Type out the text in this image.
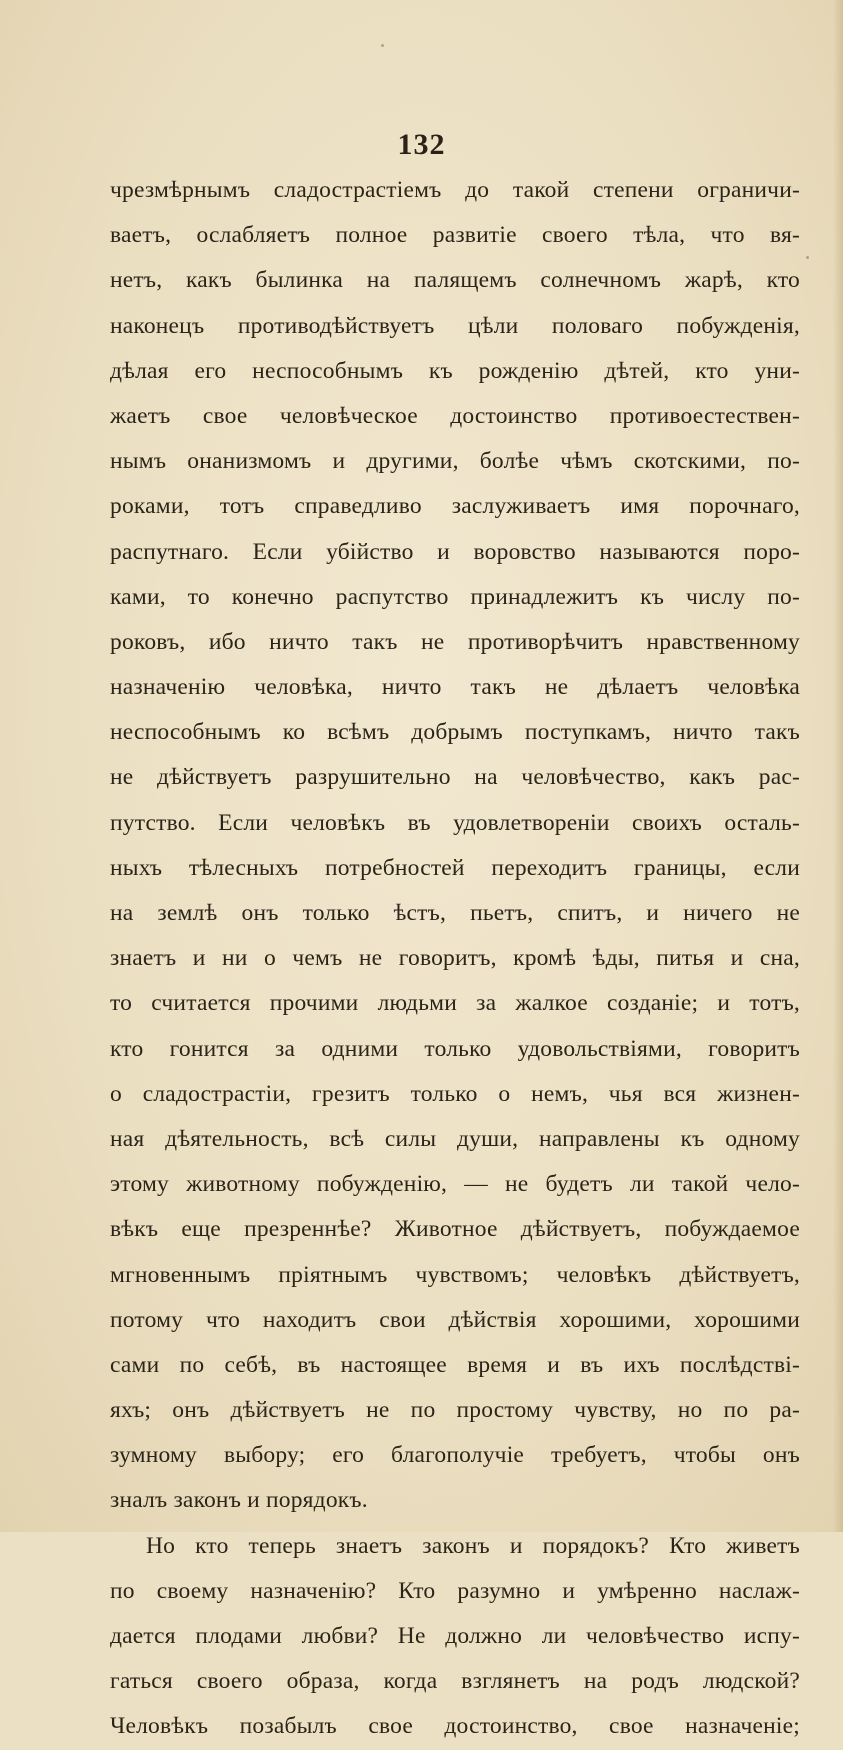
132
чрезмѣрнымъ сладострастіемъ до такой степени ограничи-
ваетъ, ослабляетъ полное развитіе своего тѣла, что вя-
нетъ, какъ былинка на палящемъ солнечномъ жарѣ, кто
наконецъ противодѣйствуетъ цѣли половаго побужденія,
дѣлая его неспособнымъ къ рожденію дѣтей, кто уни-
жаетъ свое человѣческое достоинство противоестествен-
нымъ онанизмомъ и другими, болѣе чѣмъ скотскими, по-
роками, тотъ справедливо заслуживаетъ имя порочнаго,
распутнаго. Если убійство и воровство называются поро-
ками, то конечно распутство принадлежитъ къ числу по-
роковъ, ибо ничто такъ не противорѣчитъ нравственному
назначенію человѣка, ничто такъ не дѣлаетъ человѣка
неспособнымъ ко всѣмъ добрымъ поступкамъ, ничто такъ
не дѣйствуетъ разрушительно на человѣчество, какъ рас-
путство. Если человѣкъ въ удовлетвореніи своихъ осталь-
ныхъ тѣлесныхъ потребностей переходитъ границы, если
на землѣ онъ только ѣстъ, пьетъ, спитъ, и ничего не
знаетъ и ни о чемъ не говоритъ, кромѣ ѣды, питья и сна,
то считается прочими людьми за жалкое созданіе; и тотъ,
кто гонится за одними только удовольствіями, говоритъ
о сладострастіи, грезитъ только о немъ, чья вся жизнен-
ная дѣятельность, всѣ силы души, направлены къ одному
этому животному побужденію, — не будетъ ли такой чело-
вѣкъ еще презреннѣе? Животное дѣйствуетъ, побуждаемое
мгновеннымъ пріятнымъ чувствомъ; человѣкъ дѣйствуетъ,
потому что находитъ свои дѣйствія хорошими, хорошими
сами по себѣ, въ настоящее время и въ ихъ послѣдстві-
яхъ; онъ дѣйствуетъ не по простому чувству, но по ра-
зумному выбору; его благополучіе требуетъ, чтобы онъ
зналъ законъ и порядокъ.
Но кто теперь знаетъ законъ и порядокъ? Кто живетъ
по своему назначенію? Кто разумно и умѣренно наслаж-
дается плодами любви? Не должно ли человѣчество испу-
гаться своего образа, когда взглянетъ на родъ людской?
Человѣкъ позабылъ свое достоинство, свое назначеніе;
